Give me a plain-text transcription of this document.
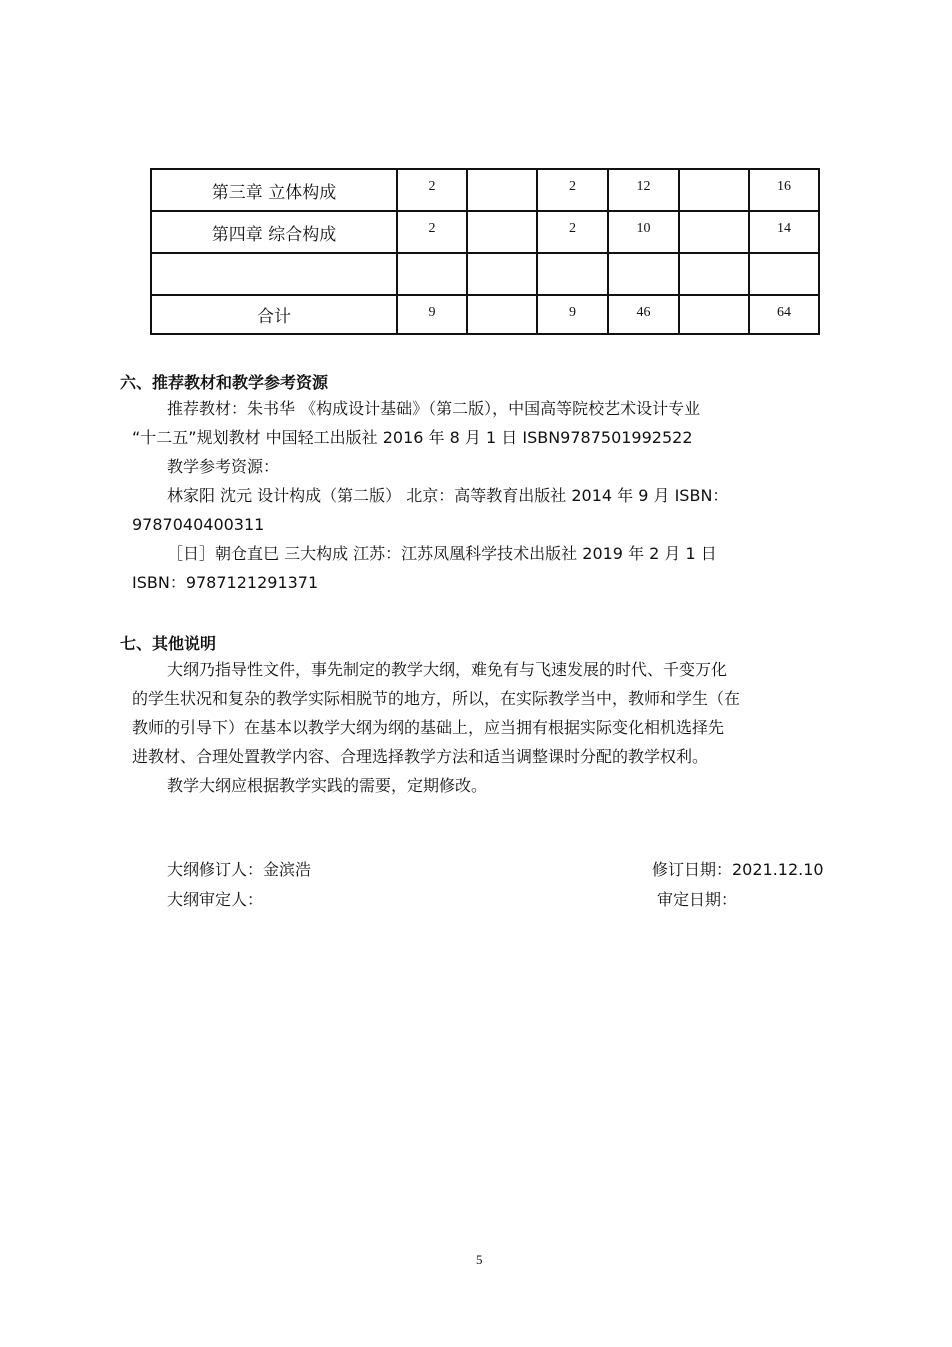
第三章 立体构成	2		2	12		16
第四章 综合构成	2		2	10		14

合计	9		9	46		64
六、推荐教材和教学参考资源
推荐教材：朱书华 《构成设计基础》（第二版），中国高等院校艺术设计专业
“十二五”规划教材 中国轻工出版社 2016 年 8 月 1 日 ISBN9787501992522
教学参考资源：
林家阳 沈元 设计构成（第二版） 北京：高等教育出版社 2014 年 9 月 ISBN：
9787040400311
［日］朝仓直巳 三大构成 江苏：江苏凤凰科学技术出版社 2019 年 2 月 1 日
ISBN：9787121291371
七、其他说明
大纲乃指导性文件，事先制定的教学大纲，难免有与飞速发展的时代、千变万化
的学生状况和复杂的教学实际相脱节的地方，所以，在实际教学当中，教师和学生（在
教师的引导下）在基本以教学大纲为纲的基础上，应当拥有根据实际变化相机选择先
进教材、合理处置教学内容、合理选择教学方法和适当调整课时分配的教学权利。
教学大纲应根据教学实践的需要，定期修改。
大纲修订人：金滨浩	修订日期：2021.12.10
大纲审定人：	审定日期：
5
